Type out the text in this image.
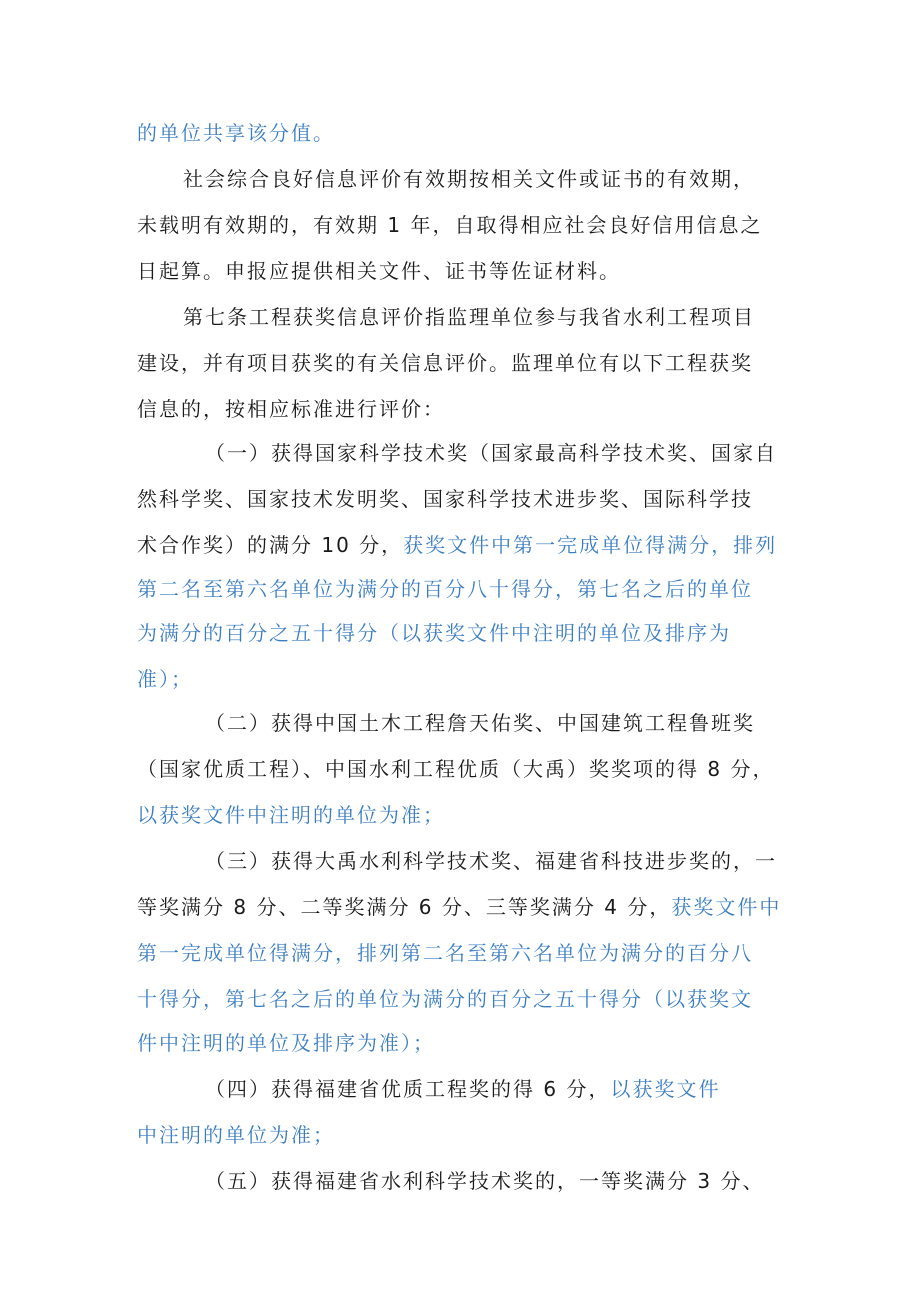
的单位共享该分值。

社会综合良好信息评价有效期按相关文件或证书的有效期，

未载明有效期的，有效期 1 年，自取得相应社会良好信用信息之

日起算。申报应提供相关文件、证书等佐证材料。

第七条工程获奖信息评价指监理单位参与我省水利工程项目

建设，并有项目获奖的有关信息评价。监理单位有以下工程获奖

信息的，按相应标准进行评价：

（一）获得国家科学技术奖（国家最高科学技术奖、国家自

然科学奖、国家技术发明奖、国家科学技术进步奖、国际科学技

术合作奖）的满分 10 分，获奖文件中第一完成单位得满分，排列

第二名至第六名单位为满分的百分八十得分，第七名之后的单位

为满分的百分之五十得分（以获奖文件中注明的单位及排序为

准）；

（二）获得中国土木工程詹天佑奖、中国建筑工程鲁班奖

（国家优质工程）、中国水利工程优质（大禹）奖奖项的得 8 分，

以获奖文件中注明的单位为准；

（三）获得大禹水利科学技术奖、福建省科技进步奖的，一

等奖满分 8 分、二等奖满分 6 分、三等奖满分 4 分，获奖文件中

第一完成单位得满分，排列第二名至第六名单位为满分的百分八

十得分，第七名之后的单位为满分的百分之五十得分（以获奖文

件中注明的单位及排序为准）；

（四）获得福建省优质工程奖的得 6 分，以获奖文件

中注明的单位为准；

（五）获得福建省水利科学技术奖的，一等奖满分 3 分、
